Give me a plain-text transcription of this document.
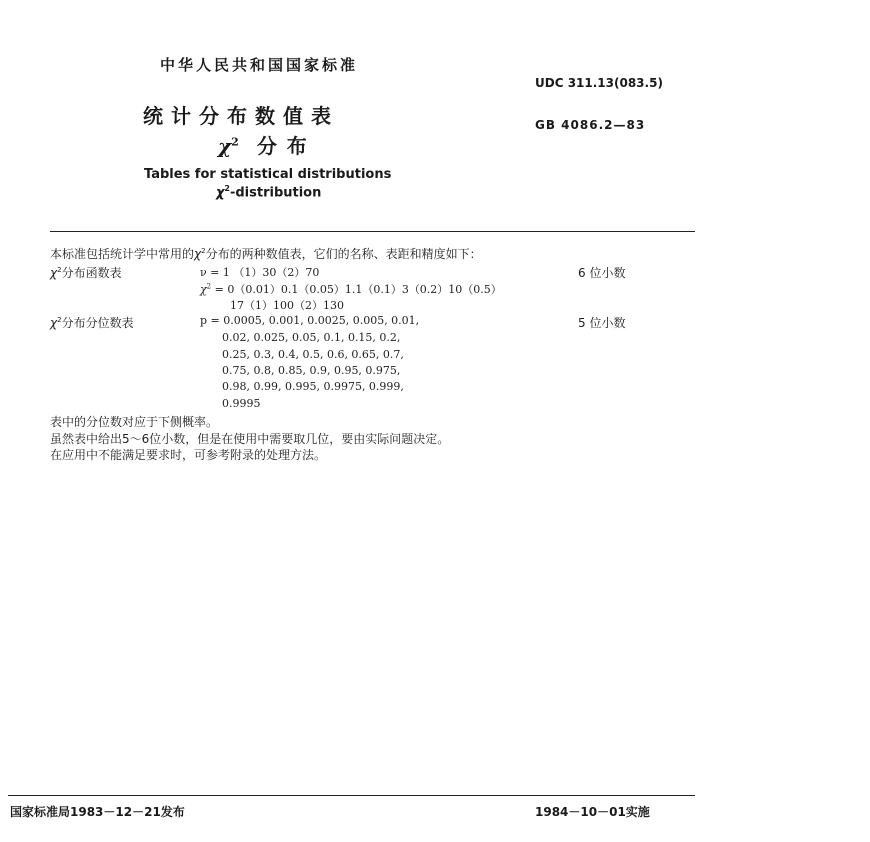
中华人民共和国国家标准
UDC 311.13(083.5)
统计分布数值表
$\chi^2$ 分布
GB 4086.2—83
Tables for statistical distributions
$\chi^2$-distribution
本标准包括统计学中常用的$\chi^2$分布的两种数值表，它们的名称、表距和精度如下：
$\chi^2$分布函数表	ν = 1 （1）30（2）70	6 位小数
$\chi^2 = 0(0.01)0.1(0.05)1.1(0.1)3(0.2)10(0.5)$
17（1）100（2）130
$\chi^2$分布分位数表	p = 0.0005, 0.001, 0.0025, 0.005, 0.01,	5 位小数
0.02, 0.025, 0.05, 0.1, 0.15, 0.2,
0.25, 0.3, 0.4, 0.5, 0.6, 0.65, 0.7,
0.75, 0.8, 0.85, 0.9, 0.95, 0.975,
0.98, 0.99, 0.995, 0.9975, 0.999,
0.9995
表中的分位数对应于下侧概率。
虽然表中给出5～6位小数，但是在使用中需要取几位，要由实际问题决定。
在应用中不能满足要求时，可参考附录的处理方法。
国家标准局1983－12－21发布	1984－10－01实施
